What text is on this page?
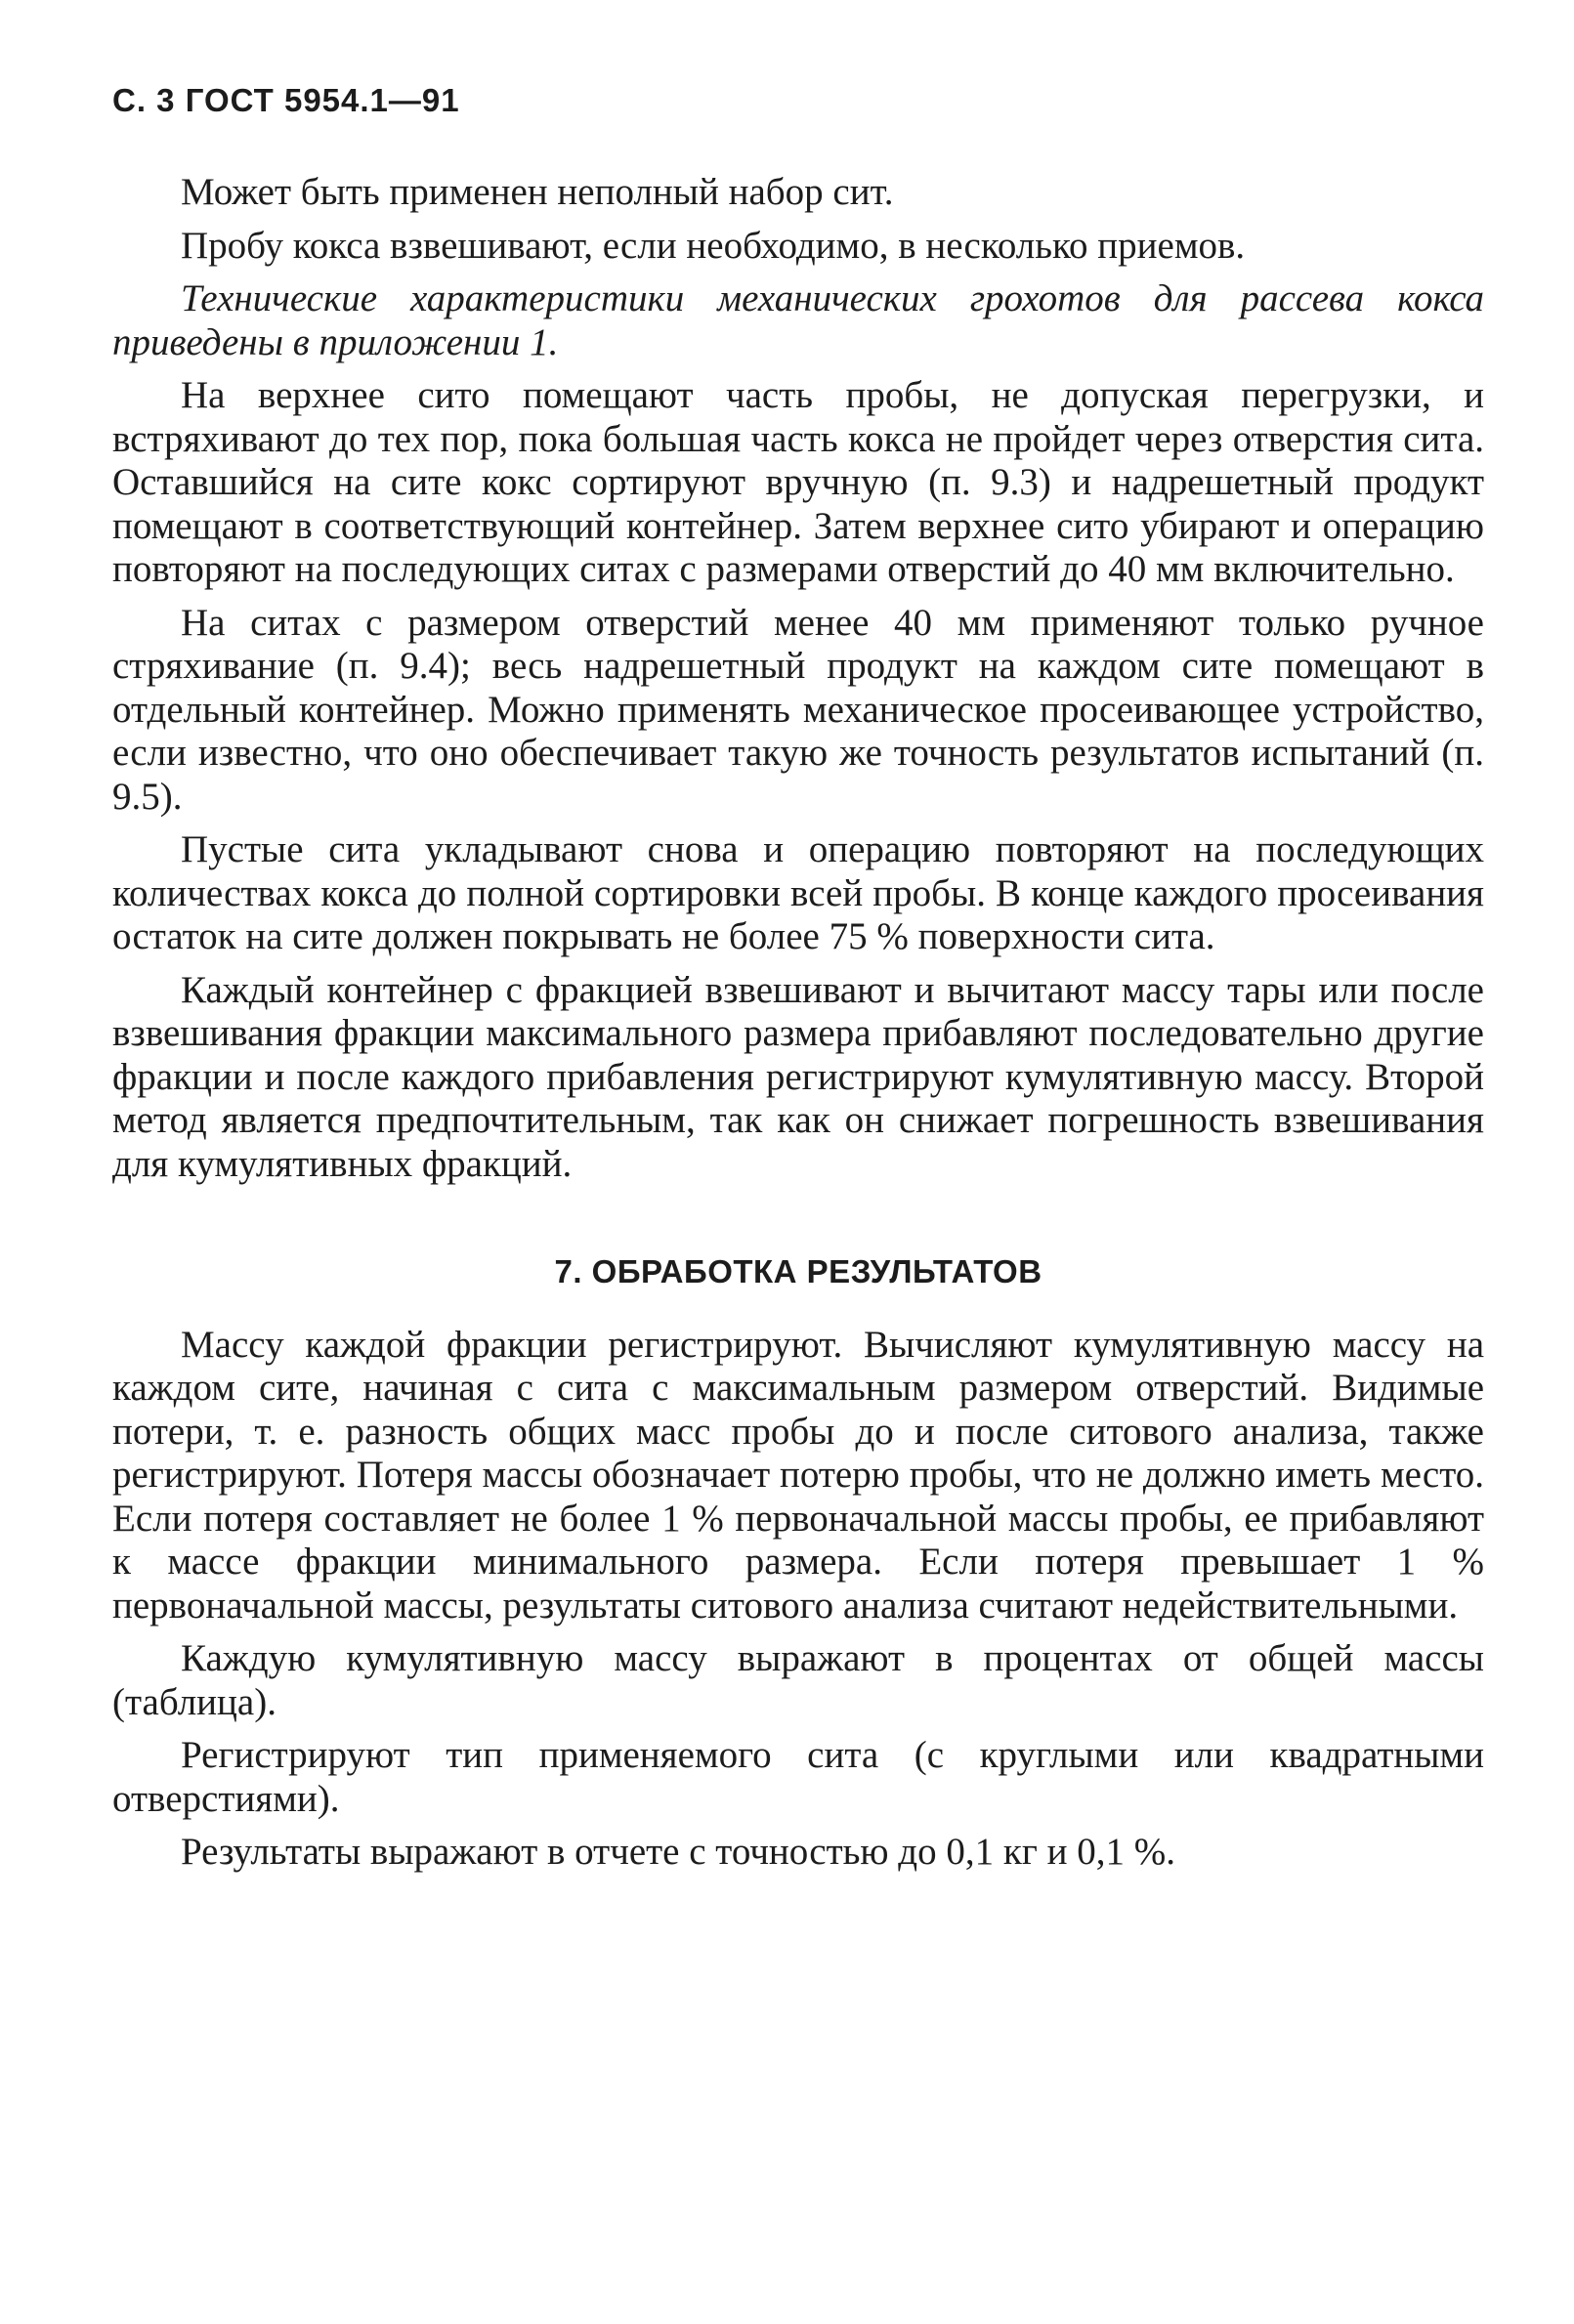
С. 3 ГОСТ 5954.1—91

Может быть применен неполный набор сит.

Пробу кокса взвешивают, если необходимо, в несколько приемов.

Технические характеристики механических грохотов для рассева кокса приведены в приложении 1.

На верхнее сито помещают часть пробы, не допуская перегрузки, и встряхивают до тех пор, пока большая часть кокса не пройдет через отверстия сита. Оставшийся на сите кокс сортируют вручную (п. 9.3) и надрешетный продукт помещают в соответствующий контейнер. Затем верхнее сито убирают и операцию повторяют на последующих ситах с размерами отверстий до 40 мм включительно.

На ситах с размером отверстий менее 40 мм применяют только ручное стряхивание (п. 9.4); весь надрешетный продукт на каждом сите помещают в отдельный контейнер. Можно применять механическое просеивающее устройство, если известно, что оно обеспечивает такую же точность результатов испытаний (п. 9.5).

Пустые сита укладывают снова и операцию повторяют на последующих количествах кокса до полной сортировки всей пробы. В конце каждого просеивания остаток на сите должен покрывать не более 75 % поверхности сита.

Каждый контейнер с фракцией взвешивают и вычитают массу тары или после взвешивания фракции максимального размера прибавляют последовательно другие фракции и после каждого прибавления регистрируют кумулятивную массу. Второй метод является предпочтительным, так как он снижает погрешность взвешивания для кумулятивных фракций.

7. ОБРАБОТКА РЕЗУЛЬТАТОВ

Массу каждой фракции регистрируют. Вычисляют кумулятивную массу на каждом сите, начиная с сита с максимальным размером отверстий. Видимые потери, т. е. разность общих масс пробы до и после ситового анализа, также регистрируют. Потеря массы обозначает потерю пробы, что не должно иметь место. Если потеря составляет не более 1 % первоначальной массы пробы, ее прибавляют к массе фракции минимального размера. Если потеря превышает 1 % первоначальной массы, результаты ситового анализа считают недействительными.

Каждую кумулятивную массу выражают в процентах от общей массы (таблица).

Регистрируют тип применяемого сита (с круглыми или квадратными отверстиями).

Результаты выражают в отчете с точностью до 0,1 кг и 0,1 %.
